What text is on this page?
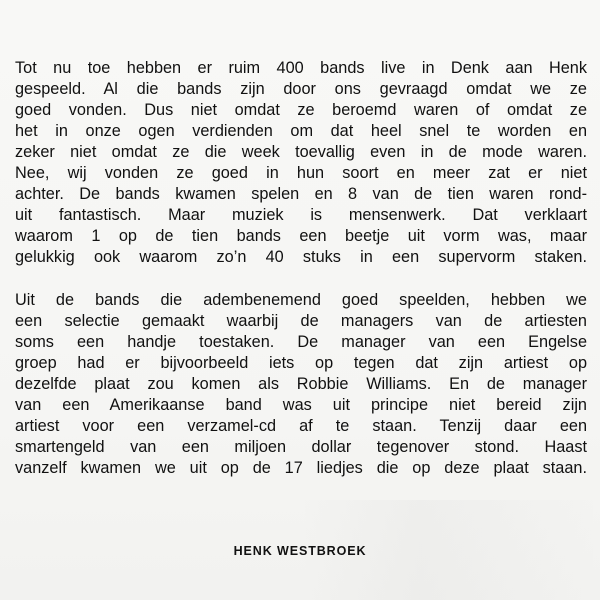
Tot nu toe hebben er ruim 400 bands live in Denk aan Henk
gespeeld. Al die bands zijn door ons gevraagd omdat we ze
goed vonden. Dus niet omdat ze beroemd waren of omdat ze
het in onze ogen verdienden om dat heel snel te worden en
zeker niet omdat ze die week toevallig even in de mode waren.
Nee, wij vonden ze goed in hun soort en meer zat er niet
achter. De bands kwamen spelen en 8 van de tien waren rond-
uit fantastisch. Maar muziek is mensenwerk. Dat verklaart
waarom 1 op de tien bands een beetje uit vorm was, maar
gelukkig ook waarom zo’n 40 stuks in een supervorm staken.
Uit de bands die adembenemend goed speelden, hebben we
een selectie gemaakt waarbij de managers van de artiesten
soms een handje toestaken. De manager van een Engelse
groep had er bijvoorbeeld iets op tegen dat zijn artiest op
dezelfde plaat zou komen als Robbie Williams. En de manager
van een Amerikaanse band was uit principe niet bereid zijn
artiest voor een verzamel-cd af te staan. Tenzij daar een
smartengeld van een miljoen dollar tegenover stond. Haast
vanzelf kwamen we uit op de 17 liedjes die op deze plaat staan.
HENK WESTBROEK
